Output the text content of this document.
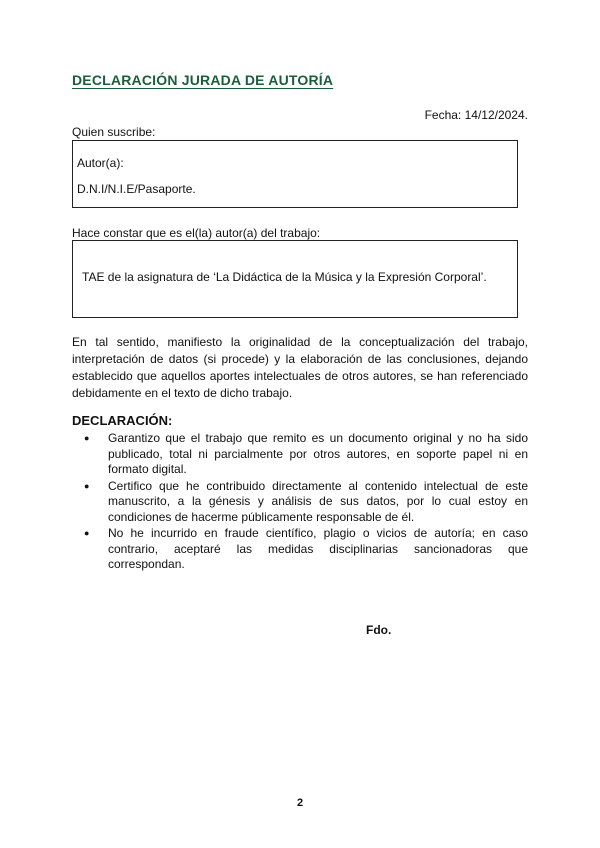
DECLARACIÓN JURADA DE AUTORÍA
Fecha: 14/12/2024.
Quien suscribe:
Autor(a):
D.N.I/N.I.E/Pasaporte.
Hace constar que es el(la) autor(a) del trabajo:
TAE de la asignatura de ‘La Didáctica de la Música y la Expresión Corporal’.
En tal sentido, manifiesto la originalidad de la conceptualización del trabajo, interpretación de datos (si procede) y la elaboración de las conclusiones, dejando establecido que aquellos aportes intelectuales de otros autores, se han referenciado debidamente en el texto de dicho trabajo.
DECLARACIÓN:
Garantizo que el trabajo que remito es un documento original y no ha sido publicado, total ni parcialmente por otros autores, en soporte papel ni en formato digital.
Certifico que he contribuido directamente al contenido intelectual de este manuscrito, a la génesis y análisis de sus datos, por lo cual estoy en condiciones de hacerme públicamente responsable de él.
No he incurrido en fraude científico, plagio o vicios de autoría; en caso contrario, aceptaré las medidas disciplinarias sancionadoras que correspondan.
Fdo.
2
